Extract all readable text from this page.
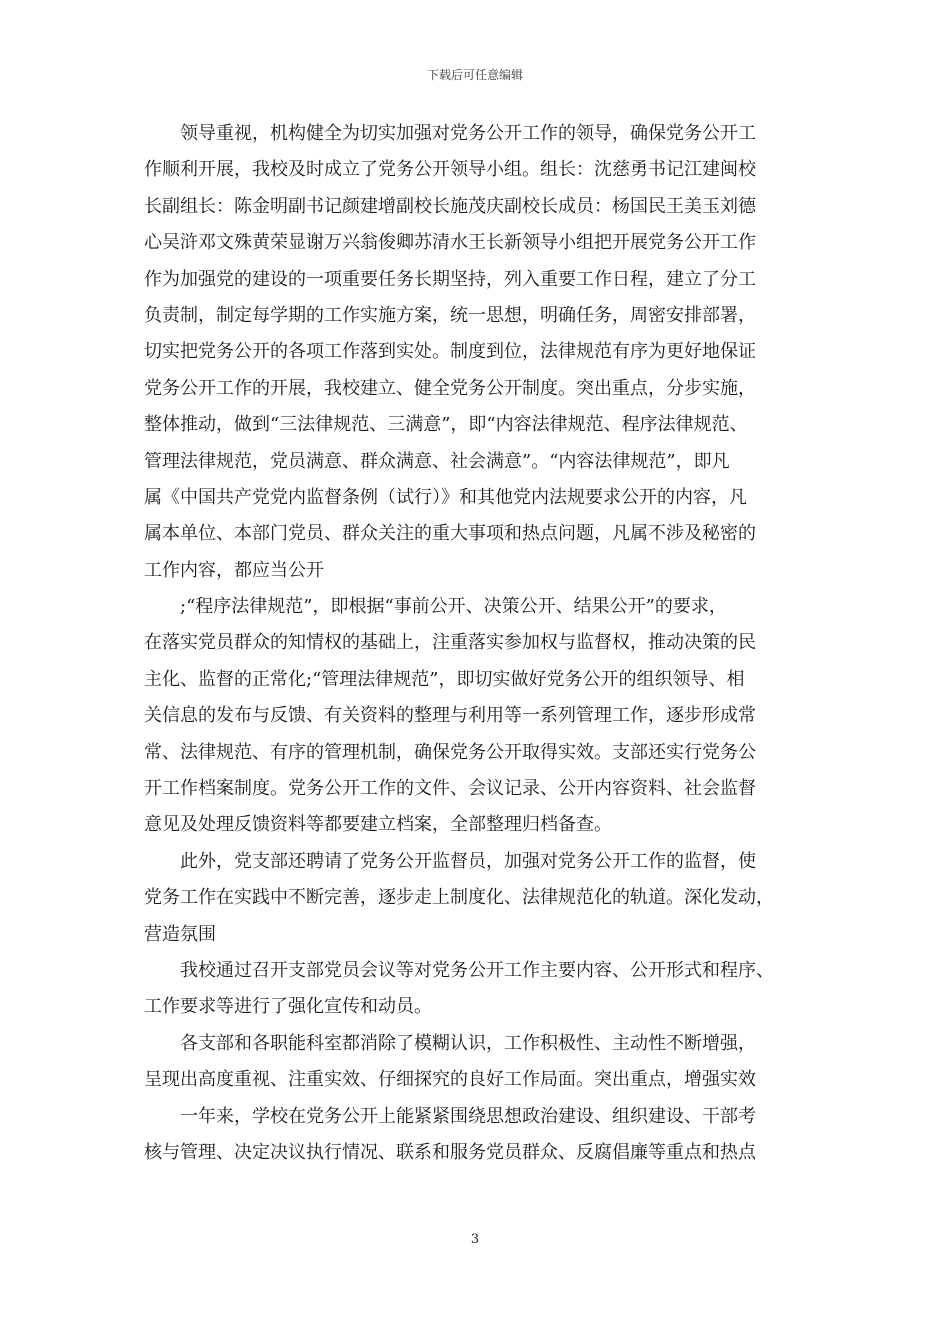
下载后可任意编辑
　　领导重视，机构健全为切实加强对党务公开工作的领导，确保党务公开工
作顺利开展，我校及时成立了党务公开领导小组。组长：沈慈勇书记江建闽校
长副组长：陈金明副书记颜建增副校长施茂庆副校长成员：杨国民王美玉刘德
心吴浒邓文殊黄荣显谢万兴翁俊卿苏清水王长新领导小组把开展党务公开工作
作为加强党的建设的一项重要任务长期坚持，列入重要工作日程，建立了分工
负责制，制定每学期的工作实施方案，统一思想，明确任务，周密安排部署，
切实把党务公开的各项工作落到实处。制度到位，法律规范有序为更好地保证
党务公开工作的开展，我校建立、健全党务公开制度。突出重点，分步实施，
整体推动，做到“三法律规范、三满意”，即“内容法律规范、程序法律规范、
管理法律规范，党员满意、群众满意、社会满意”。“内容法律规范”，即凡
属《中国共产党党内监督条例（试行）》和其他党内法规要求公开的内容，凡
属本单位、本部门党员、群众关注的重大事项和热点问题，凡属不涉及秘密的
工作内容，都应当公开
　　;“程序法律规范”，即根据“事前公开、决策公开、结果公开”的要求，
在落实党员群众的知情权的基础上，注重落实参加权与监督权，推动决策的民
主化、监督的正常化;“管理法律规范”，即切实做好党务公开的组织领导、相
关信息的发布与反馈、有关资料的整理与利用等一系列管理工作，逐步形成常
常、法律规范、有序的管理机制，确保党务公开取得实效。支部还实行党务公
开工作档案制度。党务公开工作的文件、会议记录、公开内容资料、社会监督
意见及处理反馈资料等都要建立档案，全部整理归档备查。
　　此外，党支部还聘请了党务公开监督员，加强对党务公开工作的监督，使
党务工作在实践中不断完善，逐步走上制度化、法律规范化的轨道。深化发动，
营造氛围
　　我校通过召开支部党员会议等对党务公开工作主要内容、公开形式和程序、
工作要求等进行了强化宣传和动员。
　　各支部和各职能科室都消除了模糊认识，工作积极性、主动性不断增强，
呈现出高度重视、注重实效、仔细探究的良好工作局面。突出重点，增强实效
　　一年来，学校在党务公开上能紧紧围绕思想政治建设、组织建设、干部考
核与管理、决定决议执行情况、联系和服务党员群众、反腐倡廉等重点和热点
3
